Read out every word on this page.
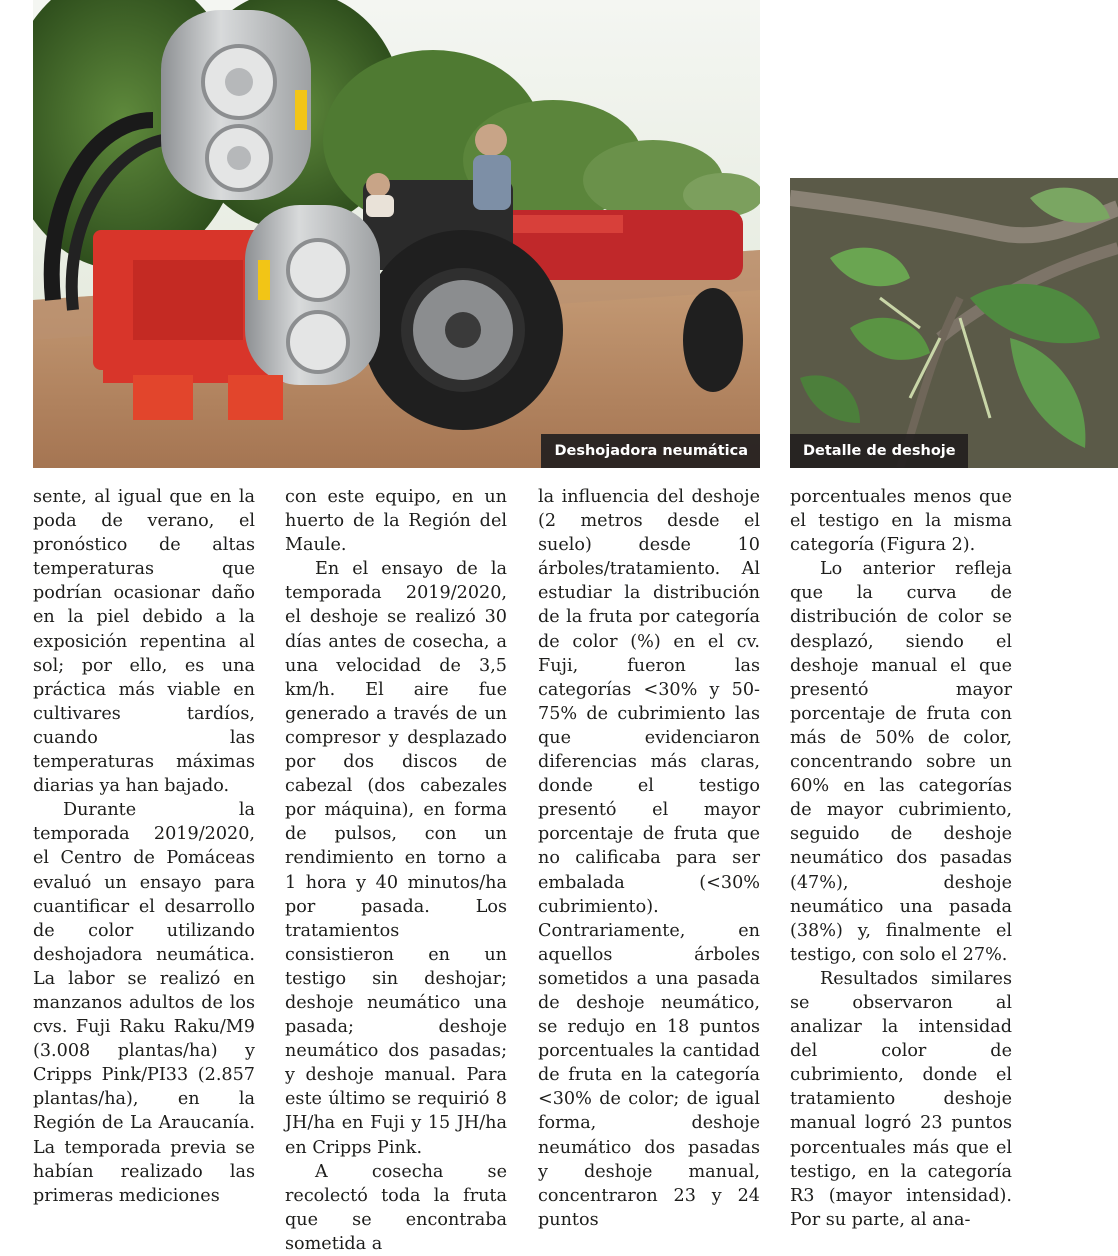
Deshojadora neumática	Detalle de deshoje

sente, al igual que en la poda de verano, el pronóstico de altas temperaturas que podrían ocasionar daño en la piel debido a la exposición repentina al sol; por ello, es una práctica más viable en cultivares tardíos, cuando las temperaturas máximas diarias ya han bajado.

Durante la temporada 2019/2020, el Centro de Pomáceas evaluó un ensayo para cuantificar el desarrollo de color utilizando deshojadora neumática. La labor se realizó en manzanos adultos de los cvs. Fuji Raku Raku/M9 (3.008 plantas/ha) y Cripps Pink/PI33 (2.857 plantas/ha), en la Región de La Araucanía. La temporada previa se habían realizado las primeras mediciones

con este equipo, en un huerto de la Región del Maule.

En el ensayo de la temporada 2019/2020, el deshoje se realizó 30 días antes de cosecha, a una velocidad de 3,5 km/h. El aire fue generado a través de un compresor y desplazado por dos discos de cabezal (dos cabezales por máquina), en forma de pulsos, con un rendimiento en torno a 1 hora y 40 minutos/ha por pasada. Los tratamientos consistieron en un testigo sin deshojar; deshoje neumático una pasada; deshoje neumático dos pasadas; y deshoje manual. Para este último se requirió 8 JH/ha en Fuji y 15 JH/ha en Cripps Pink.

A cosecha se recolectó toda la fruta que se encontraba sometida a

la influencia del deshoje (2 metros desde el suelo) desde 10 árboles/tratamiento. Al estudiar la distribución de la fruta por categoría de color (%) en el cv. Fuji, fueron las categorías <30% y 50-75% de cubrimiento las que evidenciaron diferencias más claras, donde el testigo presentó el mayor porcentaje de fruta que no calificaba para ser embalada (<30% cubrimiento). Contrariamente, en aquellos árboles sometidos a una pasada de deshoje neumático, se redujo en 18 puntos porcentuales la cantidad de fruta en la categoría <30% de color; de igual forma, deshoje neumático dos pasadas y deshoje manual, concentraron 23 y 24 puntos

porcentuales menos que el testigo en la misma categoría (Figura 2).

Lo anterior refleja que la curva de distribución de color se desplazó, siendo el deshoje manual el que presentó mayor porcentaje de fruta con más de 50% de color, concentrando sobre un 60% en las categorías de mayor cubrimiento, seguido de deshoje neumático dos pasadas (47%), deshoje neumático una pasada (38%) y, finalmente el testigo, con solo el 27%.

Resultados similares se observaron al analizar la intensidad del color de cubrimiento, donde el tratamiento deshoje manual logró 23 puntos porcentuales más que el testigo, en la categoría R3 (mayor intensidad). Por su parte, al ana-
